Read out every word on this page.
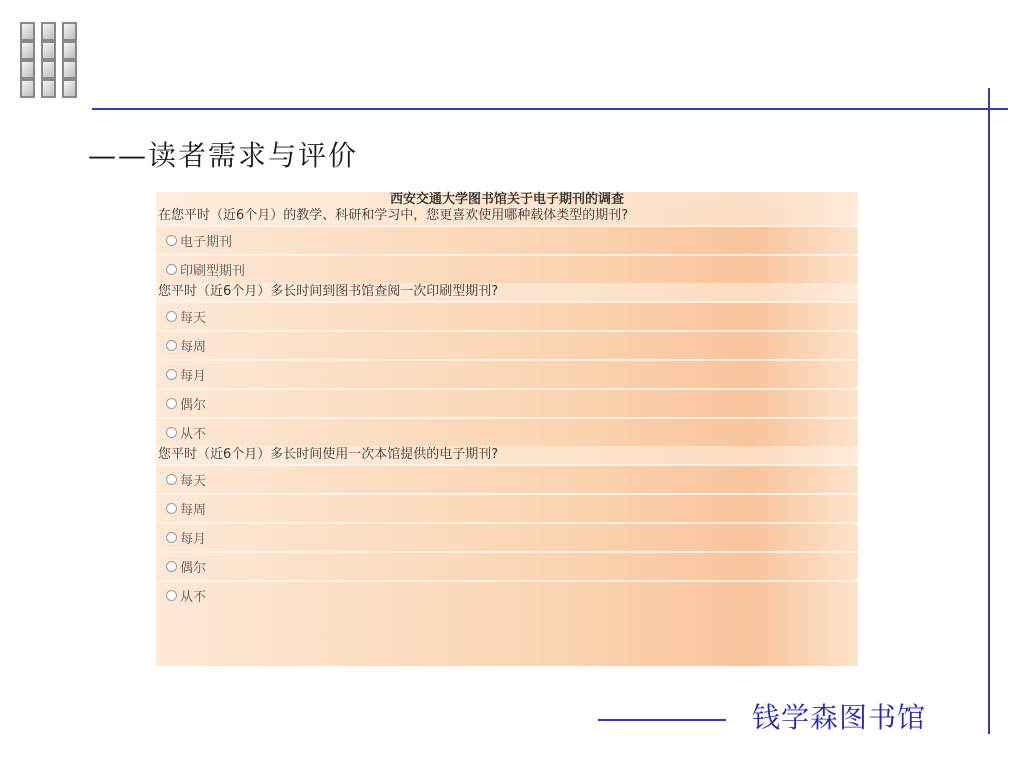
——读者需求与评价
西安交通大学图书馆关于电子期刊的调查
在您平时（近6个月）的教学、科研和学习中，您更喜欢使用哪种载体类型的期刊?
电子期刊
印刷型期刊
您平时（近6个月）多长时间到图书馆查阅一次印刷型期刊?
每天
每周
每月
偶尔
从不
您平时（近6个月）多长时间使用一次本馆提供的电子期刊?
每天
每周
每月
偶尔
从不
钱学森图书馆
